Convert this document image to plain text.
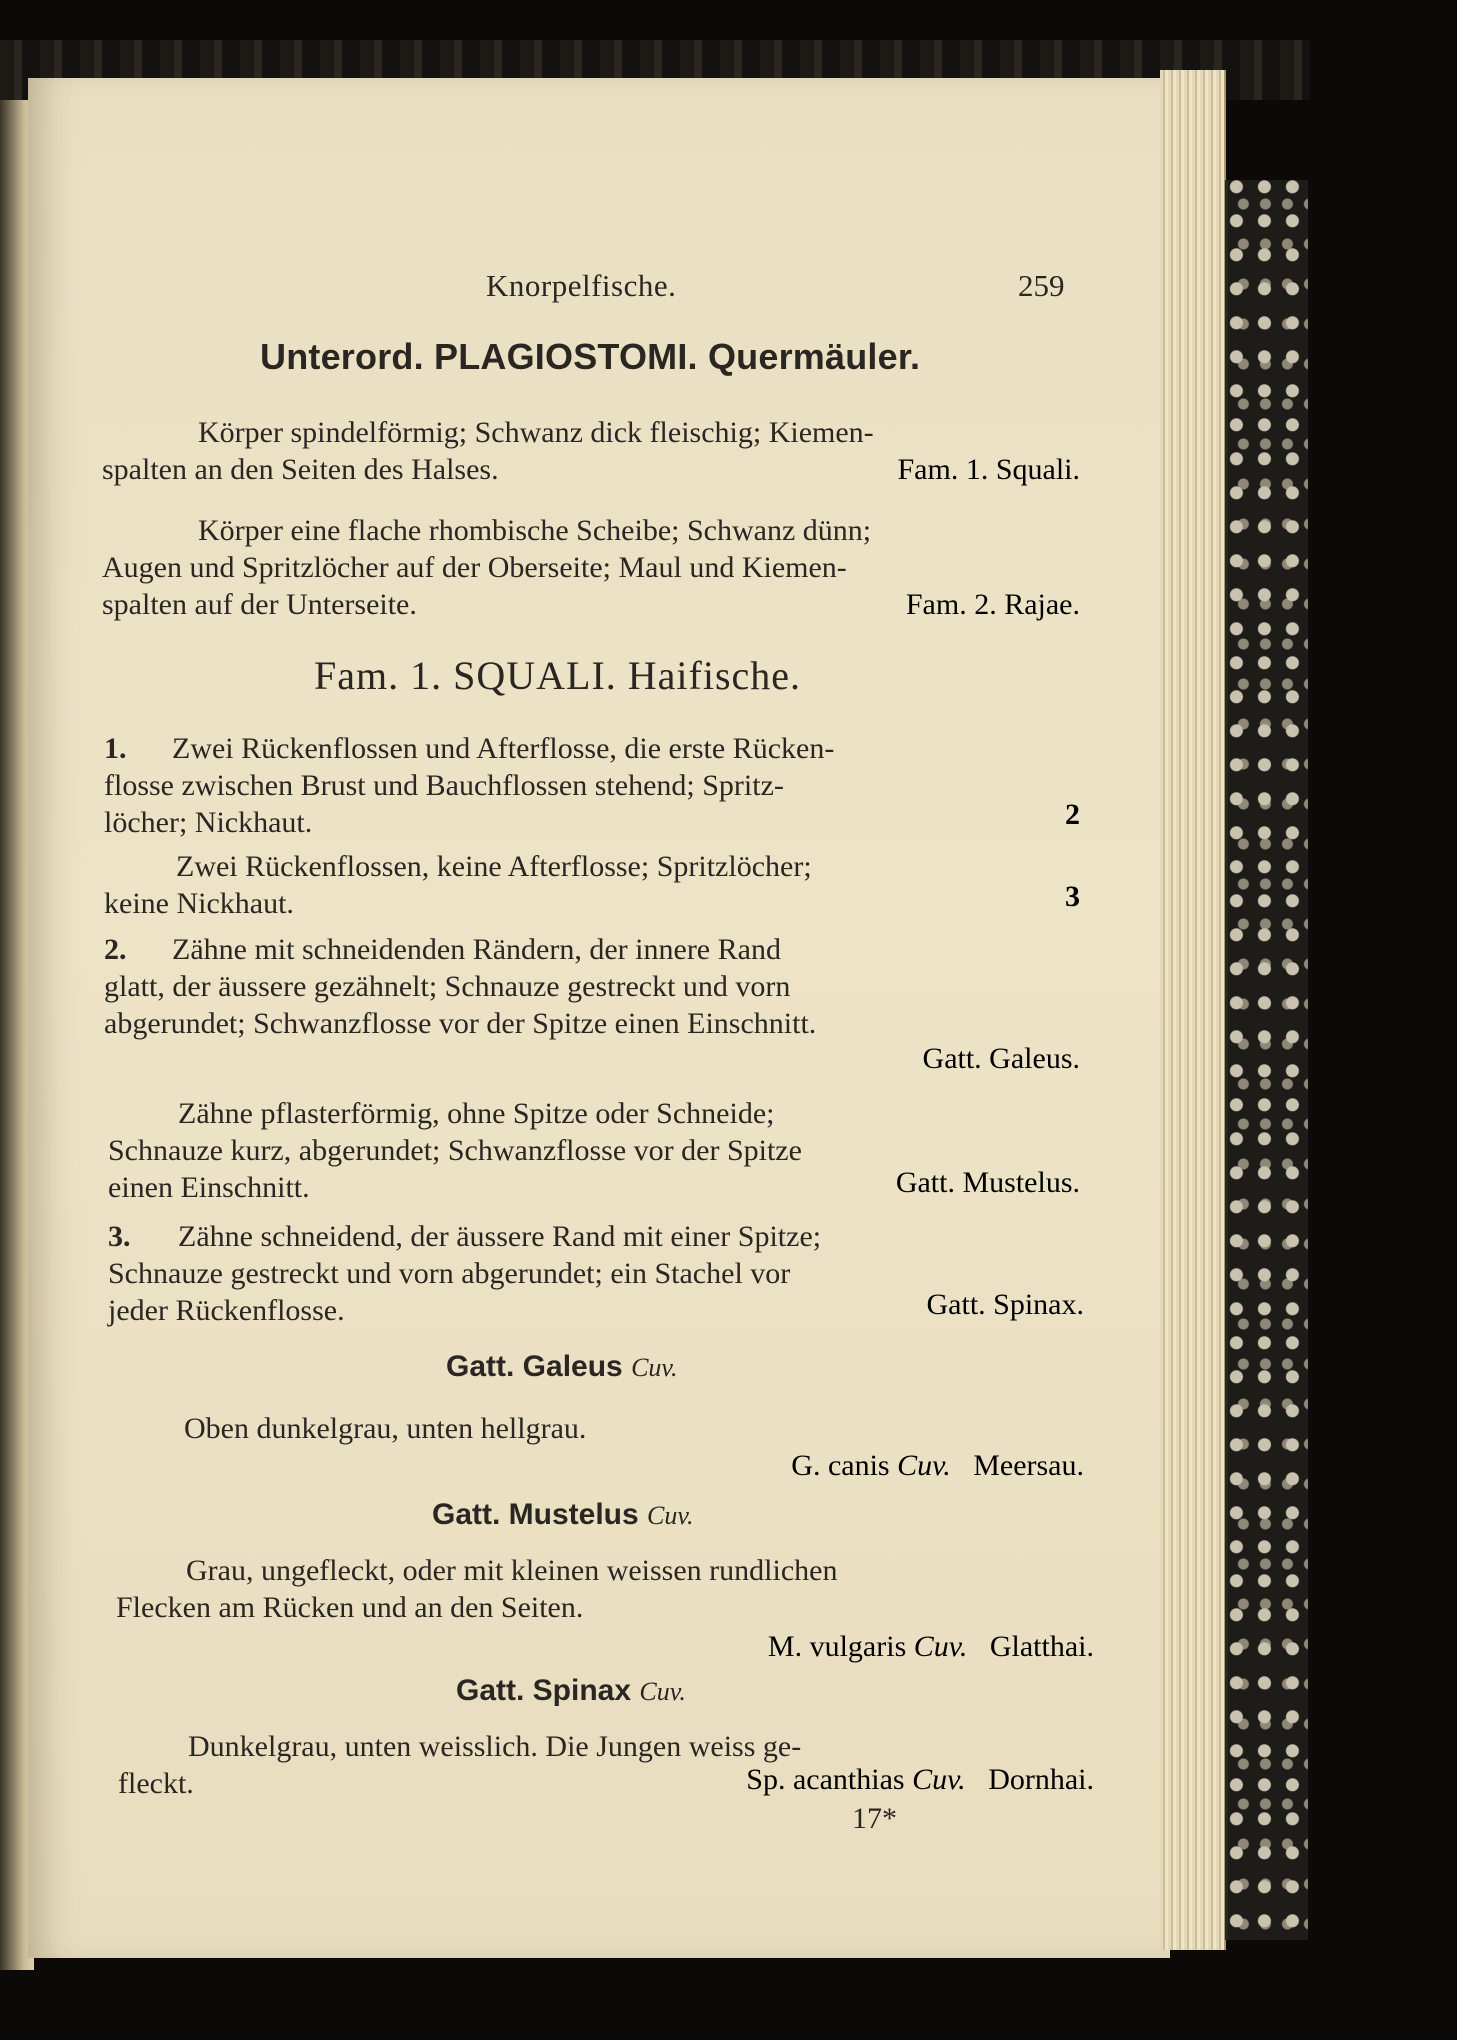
Knorpelfische.	259
Unterord. PLAGIOSTOMI. Quermäuler.
Körper spindelförmig; Schwanz dick fleischig; Kiemen-
spalten an den Seiten des Halses.	Fam. 1. Squali.
Körper eine flache rhombische Scheibe; Schwanz dünn;
Augen und Spritzlöcher auf der Oberseite; Maul und Kiemen-
spalten auf der Unterseite.	Fam. 2. Rajae.
Fam. 1. SQUALI. Haifische.
1. Zwei Rückenflossen und Afterflosse, die erste Rücken-
flosse zwischen Brust und Bauchflossen stehend; Spritz-
löcher; Nickhaut.	2
Zwei Rückenflossen, keine Afterflosse; Spritzlöcher;
keine Nickhaut.	3
2. Zähne mit schneidenden Rändern, der innere Rand
glatt, der äussere gezähnelt; Schnauze gestreckt und vorn
abgerundet; Schwanzflosse vor der Spitze einen Einschnitt.
Gatt. Galeus.
Zähne pflasterförmig, ohne Spitze oder Schneide;
Schnauze kurz, abgerundet; Schwanzflosse vor der Spitze
einen Einschnitt.	Gatt. Mustelus.
3. Zähne schneidend, der äussere Rand mit einer Spitze;
Schnauze gestreckt und vorn abgerundet; ein Stachel vor
jeder Rückenflosse.	Gatt. Spinax.
Gatt. Galeus Cuv.
Oben dunkelgrau, unten hellgrau.
G. canis Cuv. Meersau.
Gatt. Mustelus Cuv.
Grau, ungefleckt, oder mit kleinen weissen rundlichen
Flecken am Rücken und an den Seiten.
M. vulgaris Cuv. Glatthai.
Gatt. Spinax Cuv.
Dunkelgrau, unten weisslich. Die Jungen weiss ge-
fleckt.	Sp. acanthias Cuv. Dornhai.
17*
